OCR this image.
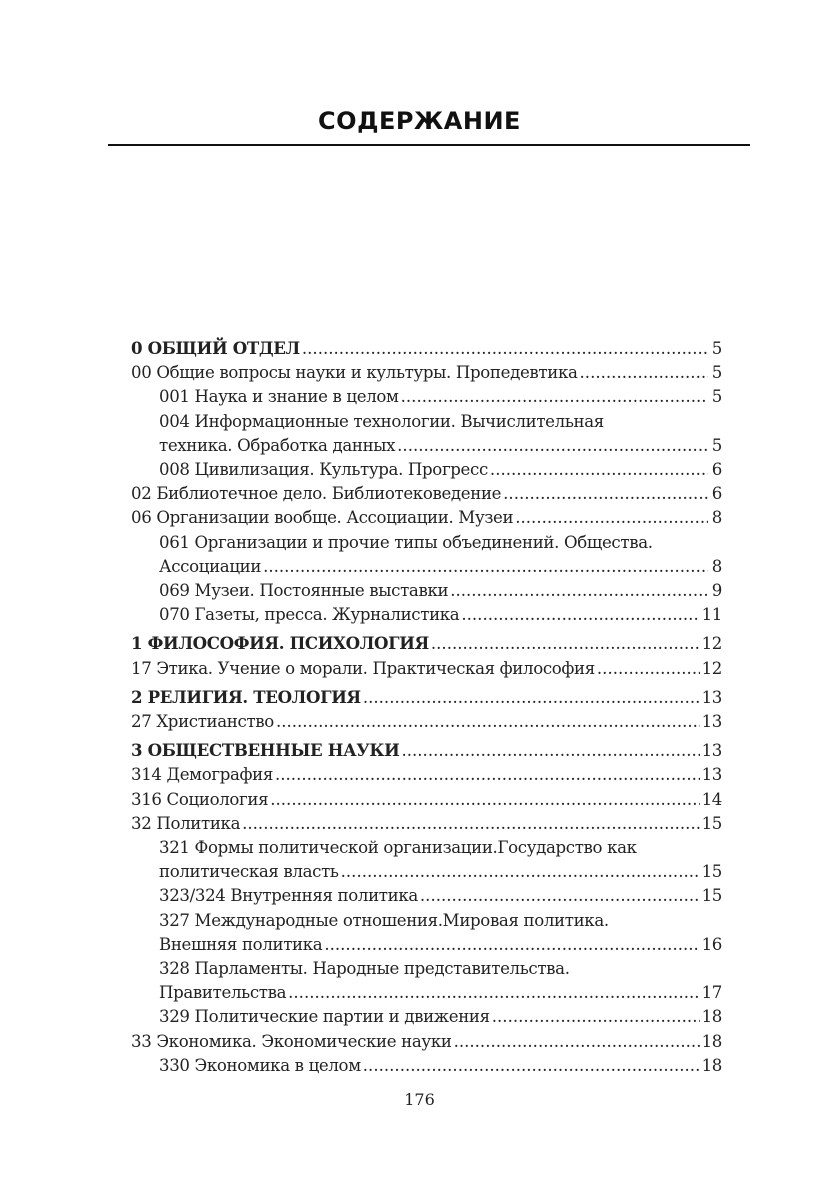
СОДЕРЖАНИЕ
0 ОБЩИЙ ОТДЕЛ .....	5
00 Общие вопросы науки и культуры. Пропедевтика .....	5
001 Наука и знание в целом .....	5
004 Информационные технологии. Вычислительная
техника. Обработка данных .....	5
008 Цивилизация. Культура. Прогресс .....	6
02 Библиотечное дело. Библиотековедение .....	6
06 Организации вообще. Ассоциации. Музеи .....	8
061 Организации и прочие типы объединений. Общества.
Ассоциации .....	8
069 Музеи. Постоянные выставки .....	9
070 Газеты, пресса. Журналистика .....	11
1 ФИЛОСОФИЯ. ПСИХОЛОГИЯ .....	12
17 Этика. Учение о морали. Практическая философия .....	12
2 РЕЛИГИЯ. ТЕОЛОГИЯ .....	13
27 Христианство .....	13
3 ОБЩЕСТВЕННЫЕ НАУКИ .....	13
314 Демография .....	13
316 Социология .....	14
32 Политика .....	15
321 Формы политической организации.Государство как
политическая власть .....	15
323/324 Внутренняя политика .....	15
327 Международные отношения.Мировая политика.
Внешняя политика .....	16
328 Парламенты. Народные представительства.
Правительства .....	17
329 Политические партии и движения .....	18
33 Экономика. Экономические науки .....	18
330 Экономика в целом .....	18
176
